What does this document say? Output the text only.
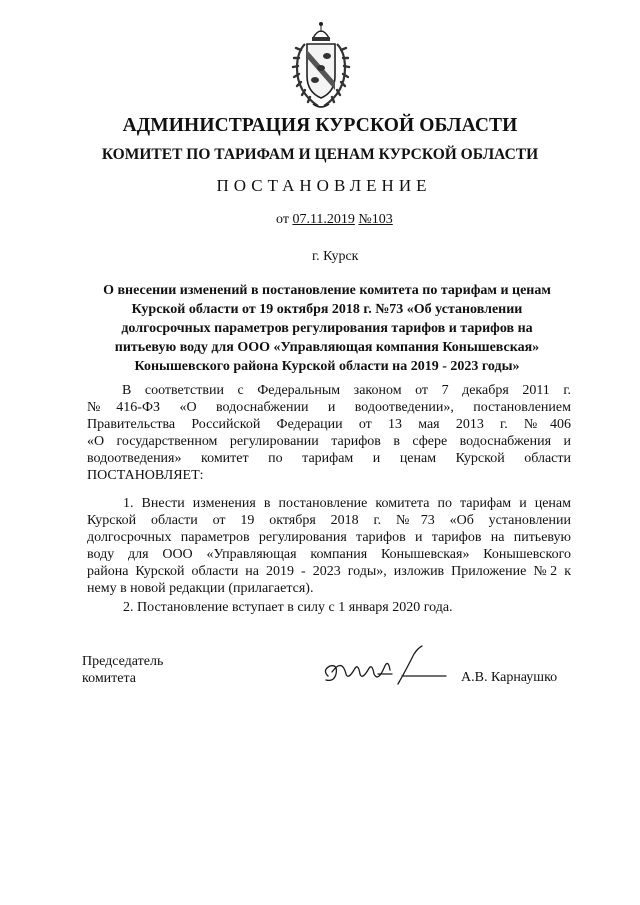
АДМИНИСТРАЦИЯ КУРСКОЙ ОБЛАСТИ
КОМИТЕТ ПО ТАРИФАМ И ЦЕНАМ КУРСКОЙ ОБЛАСТИ
ПОСТАНОВЛЕНИЕ
от 07.11.2019 №103
г. Курск
О внесении изменений в постановление комитета по тарифам и ценам
Курской области от 19 октября 2018 г. №73 «Об установлении
долгосрочных параметров регулирования тарифов и тарифов на
питьевую воду для ООО «Управляющая компания Конышевская»
Конышевского района Курской области на 2019 - 2023 годы»
В соответствии с Федеральным законом от 7 декабря 2011 г.
№416-ФЗ «О водоснабжении и водоотведении», постановлением
Правительства Российской Федерации от 13 мая 2013 г. №406
«О государственном регулировании тарифов в сфере водоснабжения и
водоотведения» комитет по тарифам и ценам Курской области
ПОСТАНОВЛЯЕТ:
1. Внести изменения в постановление комитета по тарифам и ценам
Курской области от 19 октября 2018 г. №73 «Об установлении
долгосрочных параметров регулирования тарифов и тарифов на питьевую
воду для ООО «Управляющая компания Конышевская» Конышевского
района Курской области на 2019 - 2023 годы», изложив Приложение №2 к
нему в новой редакции (прилагается).
2. Постановление вступает в силу с 1 января 2020 года.
Председатель
комитета	А.В. Карнаушко
